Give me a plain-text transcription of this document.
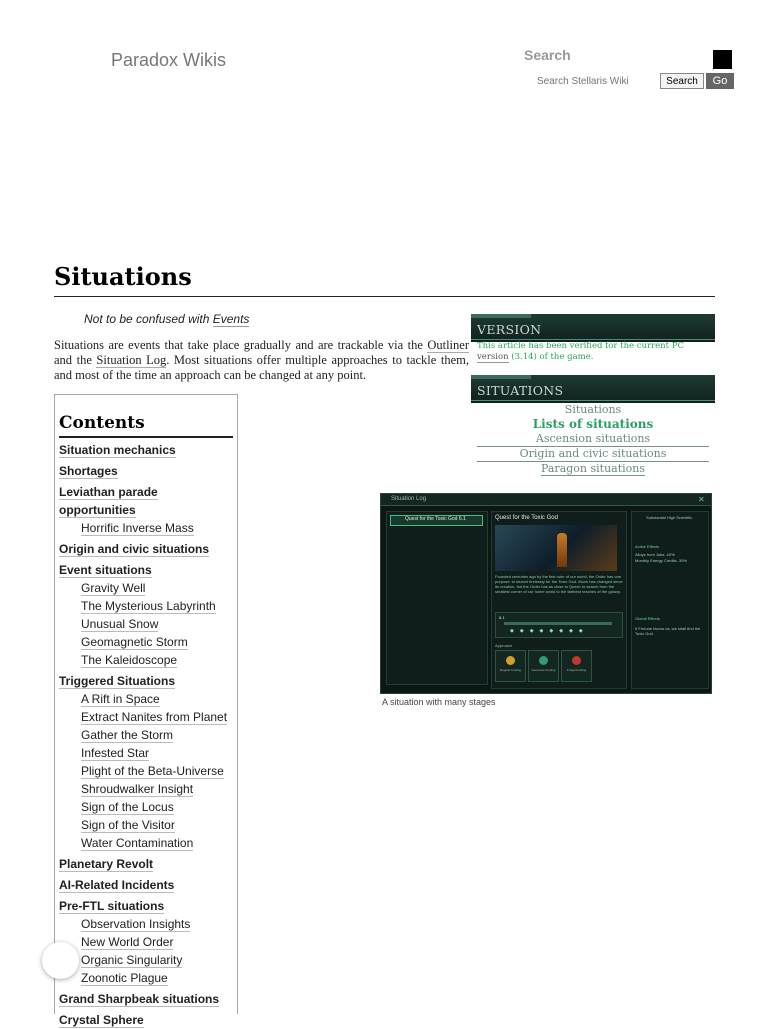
Paradox Wikis	Search
Search Stellaris Wiki
Search	Go
Situations
Not to be confused with Events

Situations are events that take place gradually and are trackable via the Outliner and the Situation Log. Most situations offer multiple approaches to tackle them, and most of the time an approach can be changed at any point.

Contents
Situation mechanics
Shortages
Leviathan parade opportunities
Horrific Inverse Mass
Origin and civic situations
Event situations
Gravity Well
The Mysterious Labyrinth
Unusual Snow
Geomagnetic Storm
The Kaleidoscope
Triggered Situations
A Rift in Space
Extract Nanites from Planet
Gather the Storm
Infested Star
Plight of the Beta-Universe
Shroudwalker Insight
Sign of the Locus
Sign of the Visitor
Water Contamination
Planetary Revolt
AI-Related Incidents
Pre-FTL situations
Observation Insights
New World Order
Organic Singularity
Zoonotic Plague
Grand Sharpbeak situations
Crystal Sphere
VERSION

This article has been verified for the current PC version (3.14) of the game.

SITUATIONS
Situations
Lists of situations
Ascension situations
Origin and civic situations
Paragon situations
Situation Log	✕
Quest for the Toxic God 6.1	Quest for the Toxic God
Founded centuries ago by the first ruler of our world, the Order has one purpose: to search tirelessly for the Toxic God. Much has changed since its creation, but the Order has as close to Quest: to search from the smallest corner of our home world to the farthest reaches of the galaxy.
6.1
◆◆◆◆◆◆◆◆
Approach
Regular funding	Generous funding	Frugal funding
Substantial High Scientific
Active Effects
Alloys from Jobs -10%
Monthly Energy Credits -30%
Global Effects
If Fortune favors us, we shall find the Toxic God.
A situation with many stages
